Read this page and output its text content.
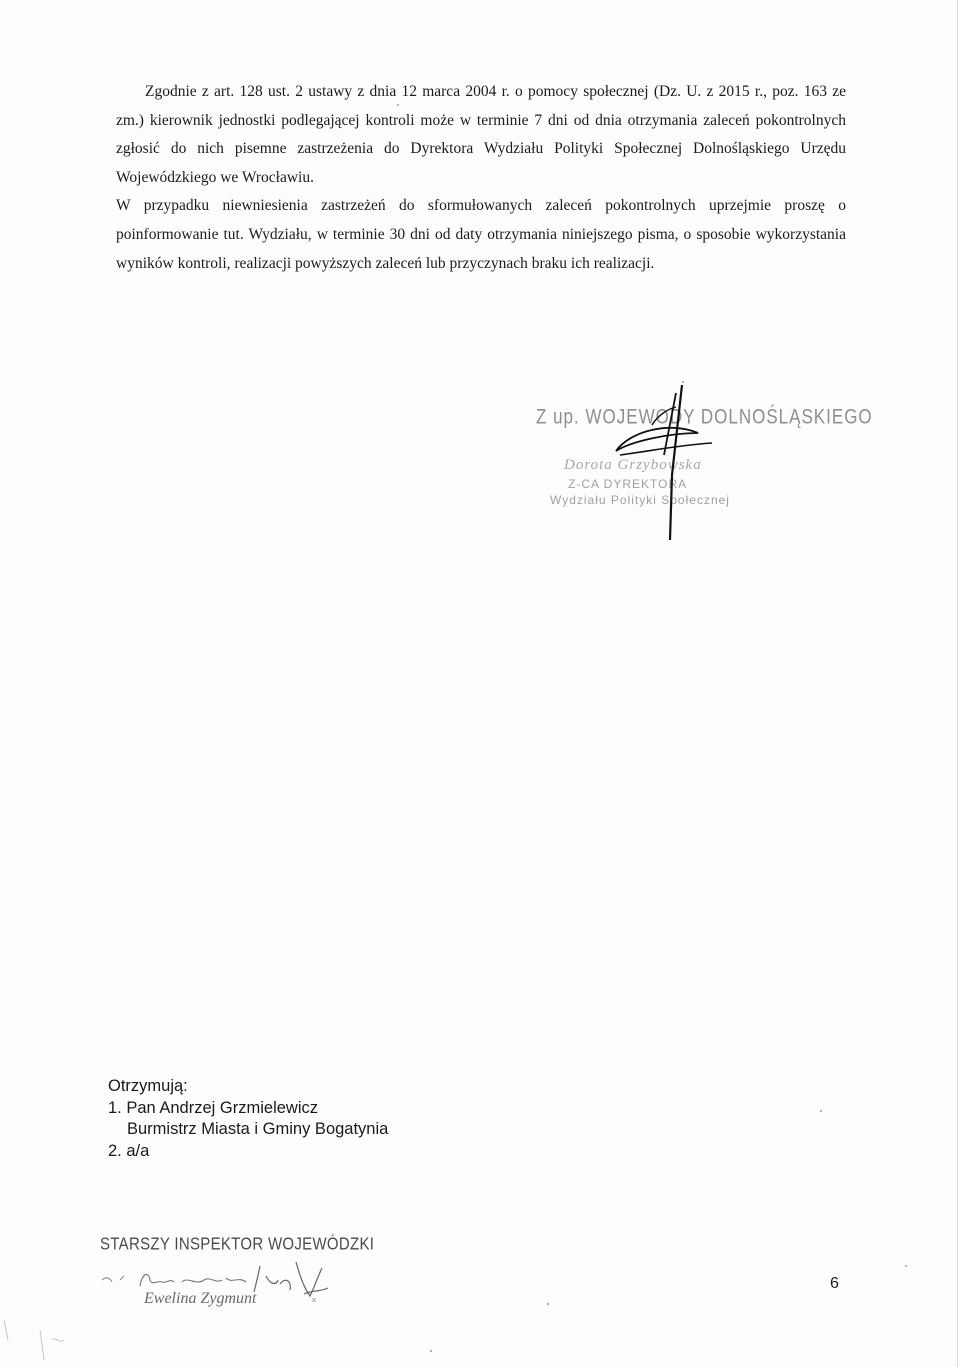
Zgodnie z art. 128 ust. 2 ustawy z dnia 12 marca 2004 r. o pomocy społecznej (Dz. U. z 2015 r., poz. 163 ze zm.) kierownik jednostki podlegającej kontroli może w terminie 7 dni od dnia otrzymania zaleceń pokontrolnych zgłosić do nich pisemne zastrzeżenia do Dyrektora Wydziału Polityki Społecznej Dolnośląskiego Urzędu Wojewódzkiego we Wrocławiu.

W przypadku niewniesienia zastrzeżeń do sformułowanych zaleceń pokontrolnych uprzejmie proszę o poinformowanie tut. Wydziału, w terminie 30 dni od daty otrzymania niniejszego pisma, o sposobie wykorzystania wyników kontroli, realizacji powyższych zaleceń lub przyczynach braku ich realizacji.

Z up. WOJEWODY DOLNOŚLĄSKIEGO
Dorota Grzybowska
Z-CA DYREKTORA
Wydziału Polityki Społecznej
Otrzymują:
1. Pan Andrzej Grzmielewicz
Burmistrz Miasta i Gminy Bogatynia
2. a/a
STARSZY INSPEKTOR WOJEWÓDZKI
Ewelina Zygmunt
6
